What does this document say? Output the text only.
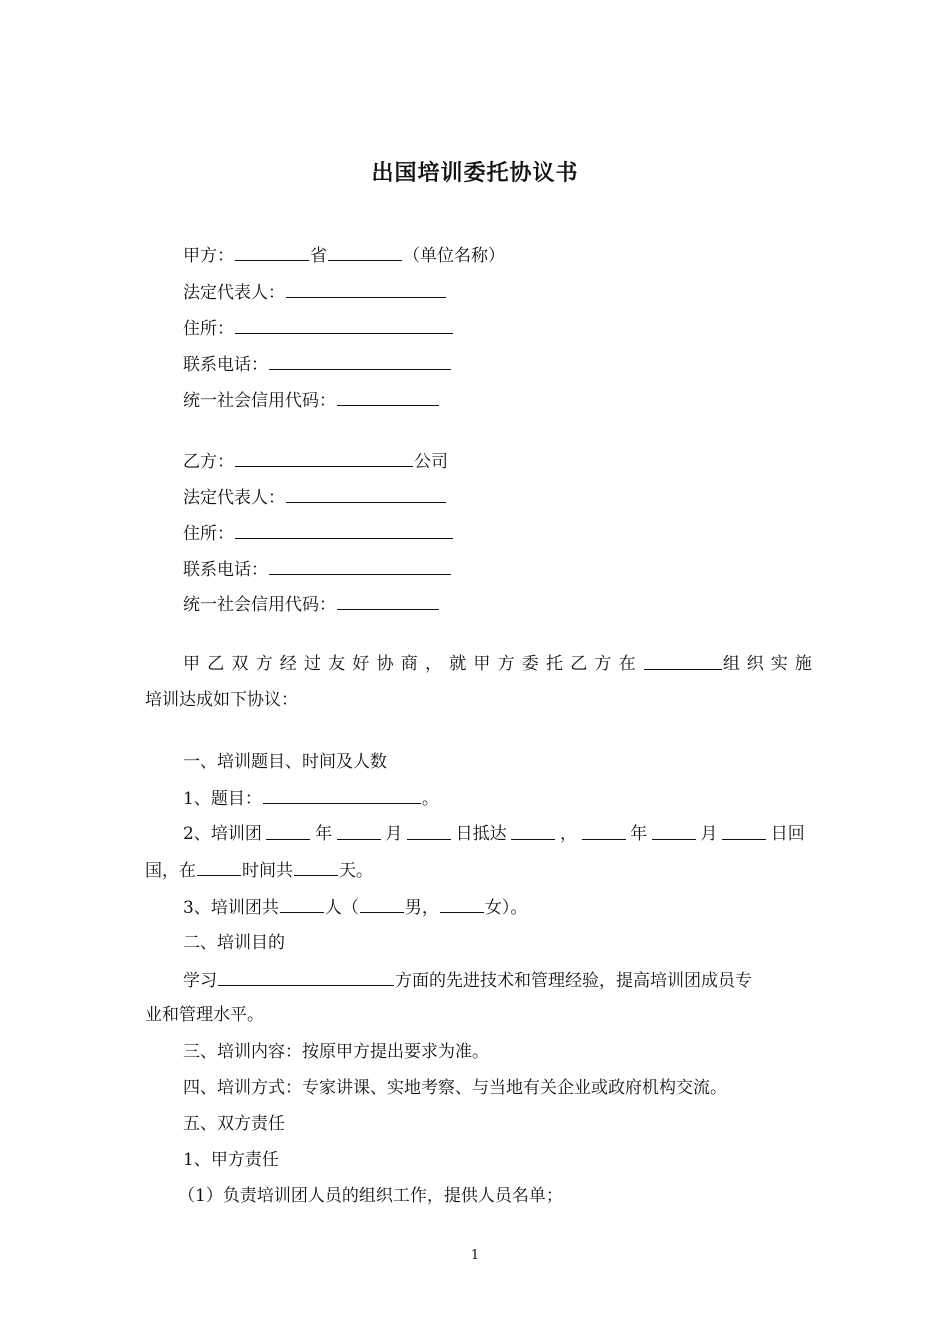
出国培训委托协议书
甲方：	省	（单位名称）
法定代表人：
住所：
联系电话：
统一社会信用代码：
乙方：	公司
法定代表人：
住所：
联系电话：
统一社会信用代码：
甲乙双方经过友好协商，就甲方委托乙方在	组织实施
培训达成如下协议：
一、培训题目、时间及人数
1、题目：	。
2、培训团	年	月	日抵达	，	年	月	日回
国，在	时间共	天。
3、培训团共	人（	男，	女）。
二、培训目的
学习	方面的先进技术和管理经验，提高培训团成员专
业和管理水平。
三、培训内容：按原甲方提出要求为准。
四、培训方式：专家讲课、实地考察、与当地有关企业或政府机构交流。
五、双方责任
1、甲方责任
（1）负责培训团人员的组织工作，提供人员名单；
1
